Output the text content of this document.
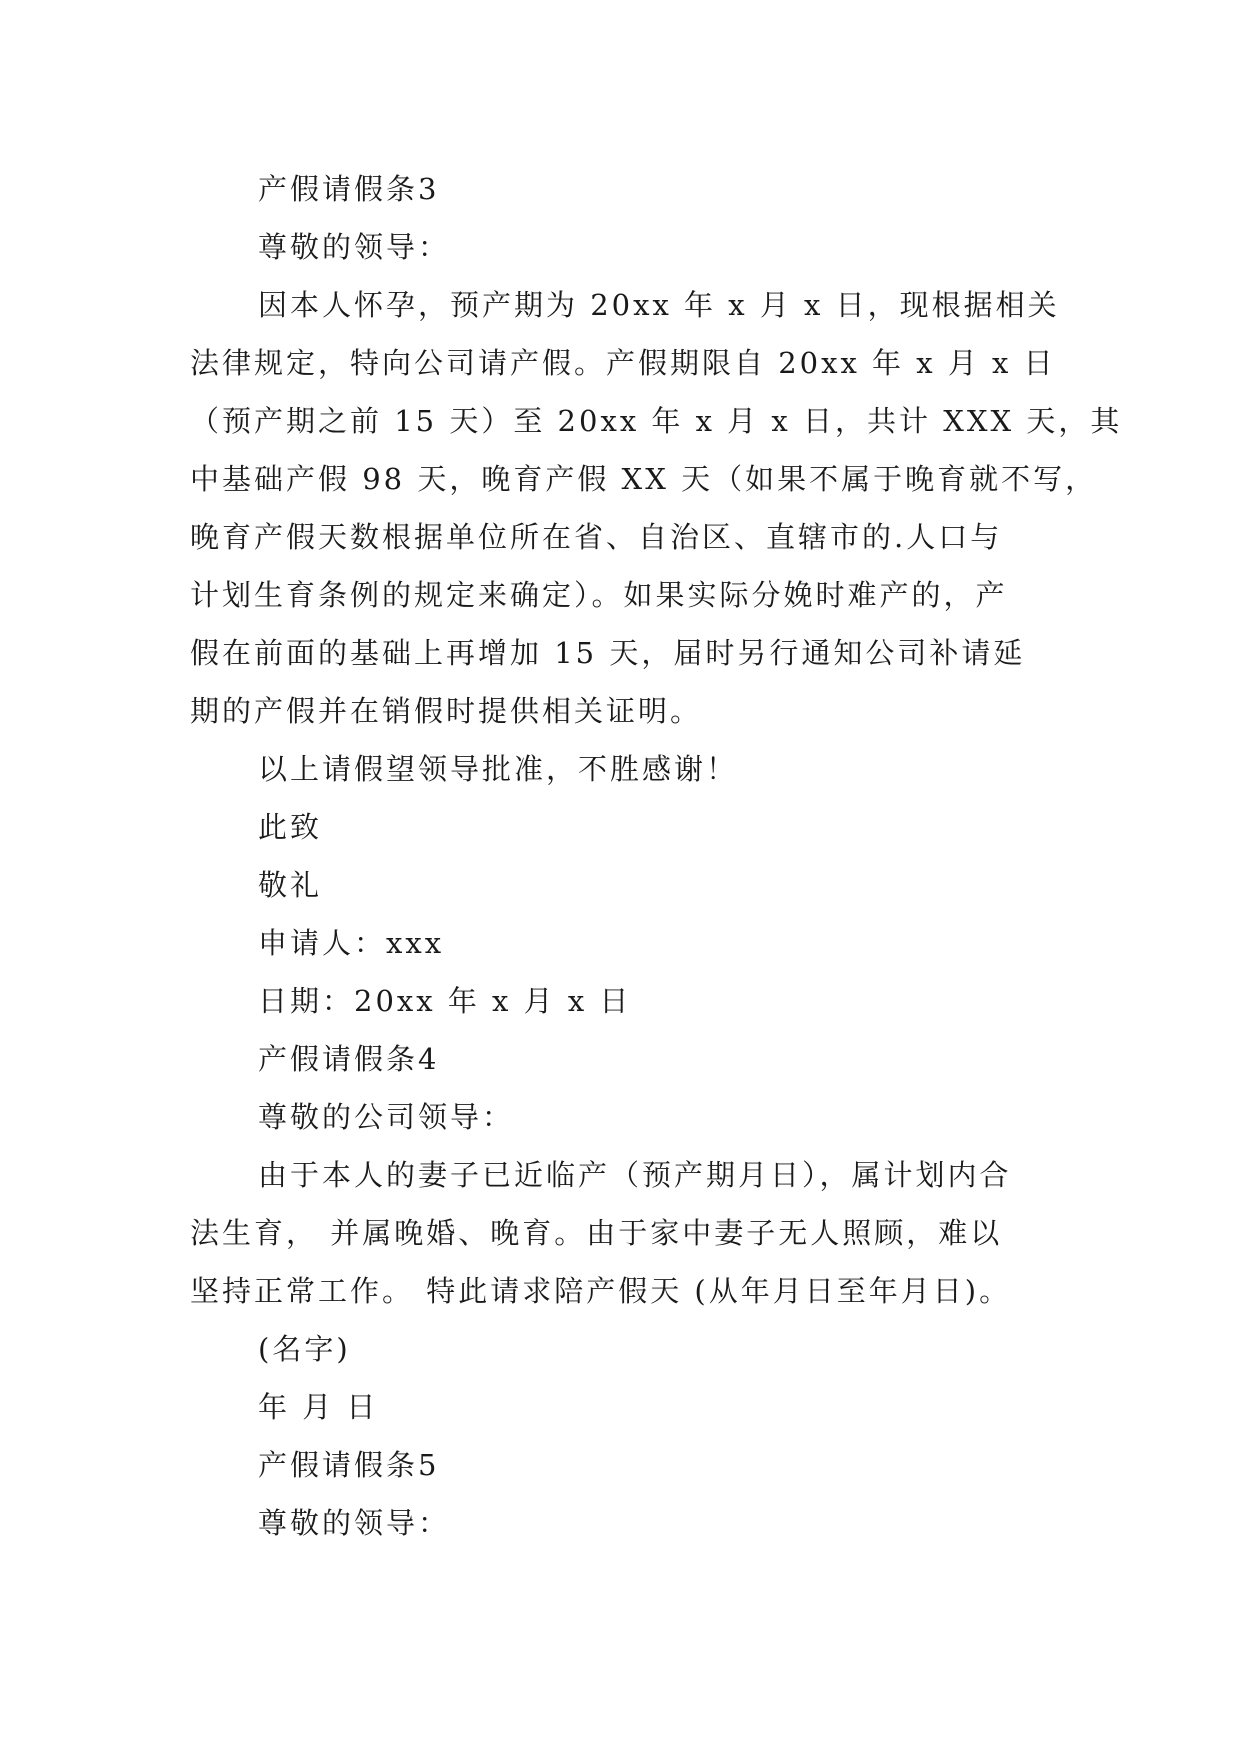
产假请假条3
尊敬的领导：
因本人怀孕，预产期为 20xx 年 x 月 x 日，现根据相关
法律规定，特向公司请产假。产假期限自 20xx 年 x 月 x 日
（预产期之前 15 天）至 20xx 年 x 月 x 日，共计 XXX 天，其
中基础产假 98 天，晚育产假 XX 天（如果不属于晚育就不写，
晚育产假天数根据单位所在省、自治区、直辖市的.人口与
计划生育条例的规定来确定）。如果实际分娩时难产的，产
假在前面的基础上再增加 15 天，届时另行通知公司补请延
期的产假并在销假时提供相关证明。
以上请假望领导批准，不胜感谢！
此致
敬礼
申请人：xxx
日期：20xx 年 x 月 x 日
产假请假条4
尊敬的公司领导：
由于本人的妻子已近临产（预产期月日），属计划内合
法生育， 并属晚婚、晚育。由于家中妻子无人照顾，难以
坚持正常工作。 特此请求陪产假天 (从年月日至年月日)。
(名字)
年 月 日
产假请假条5
尊敬的领导：
